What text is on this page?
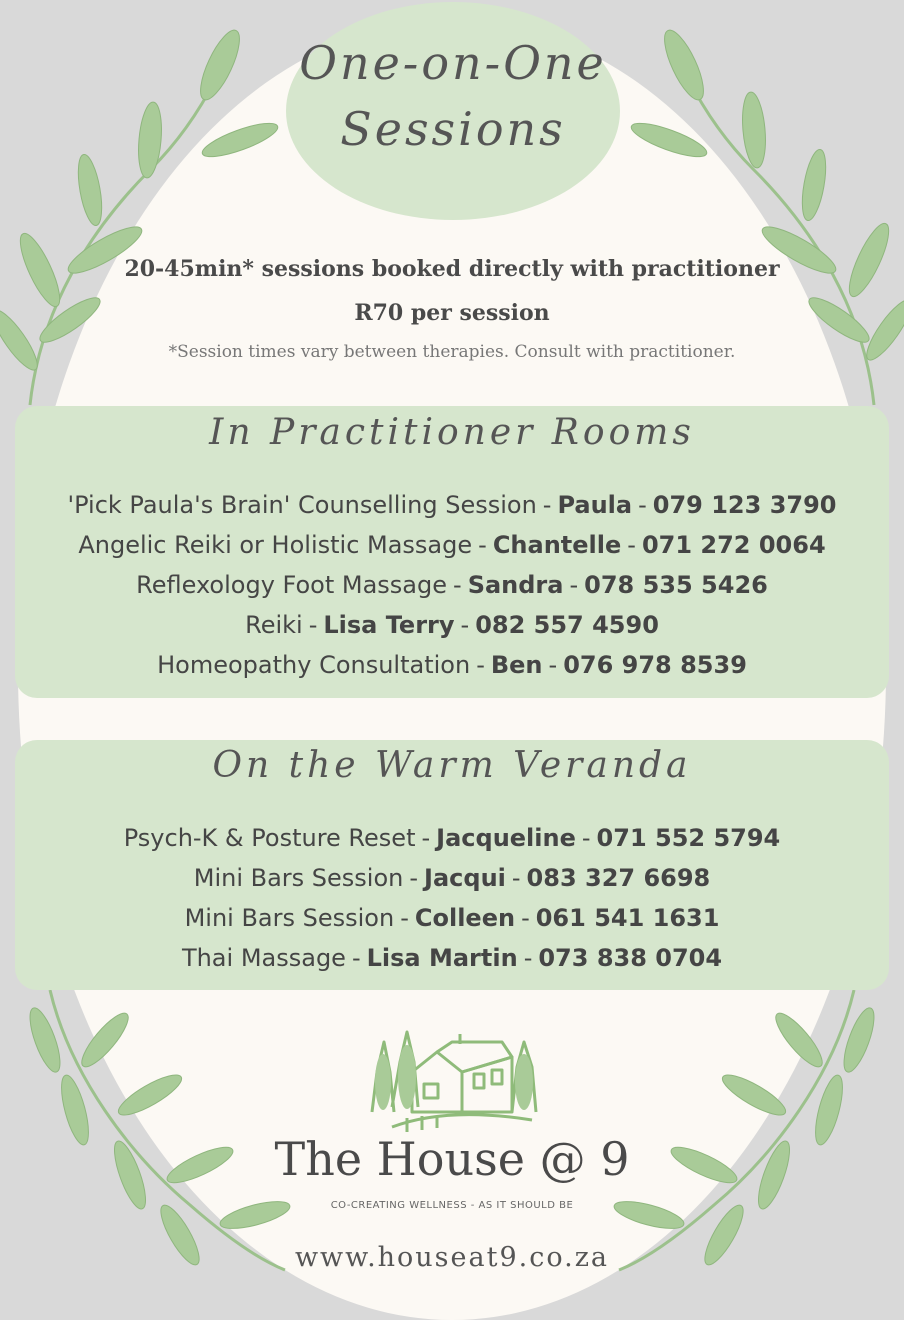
One-on-One
Sessions
20-45min* sessions booked directly with practitioner
R70 per session
*Session times vary between therapies. Consult with practitioner.
In Practitioner Rooms
'Pick Paula's Brain' Counselling Session - Paula - 079 123 3790
Angelic Reiki or Holistic Massage - Chantelle - 071 272 0064
Reflexology Foot Massage - Sandra - 078 535 5426
Reiki - Lisa Terry - 082 557 4590
Homeopathy Consultation - Ben - 076 978 8539
On the Warm Veranda
Psych-K & Posture Reset - Jacqueline - 071 552 5794
Mini Bars Session - Jacqui - 083 327 6698
Mini Bars Session - Colleen - 061 541 1631
Thai Massage - Lisa Martin - 073 838 0704
The House @ 9
CO-CREATING WELLNESS - AS IT SHOULD BE
www.houseat9.co.za
